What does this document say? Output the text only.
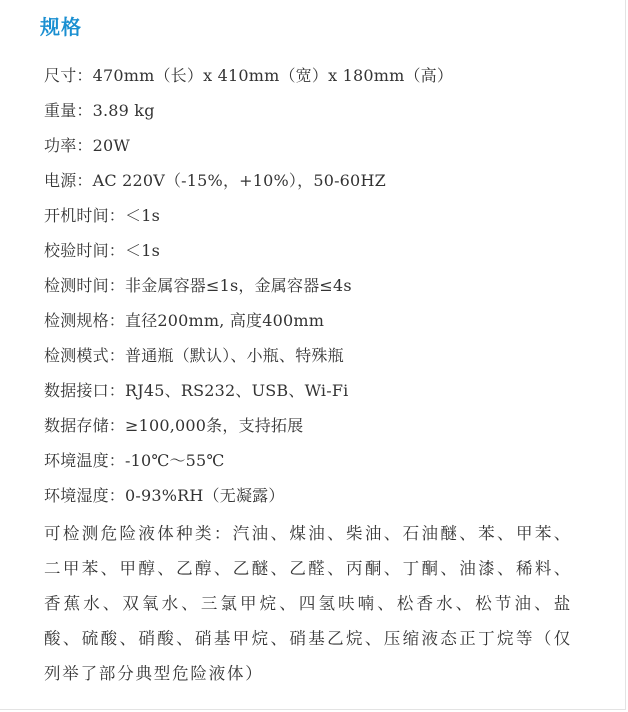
规格
尺寸：470mm（长）x 410mm（宽）x 180mm（高）
重量：3.89 kg
功率：20W
电源：AC 220V（-15%，+10%），50-60HZ
开机时间：＜1s
校验时间：＜1s
检测时间：非金属容器≤1s，金属容器≤4s
检测规格：直径200mm, 高度400mm
检测模式：普通瓶（默认）、小瓶、特殊瓶
数据接口：RJ45、RS232、USB、Wi-Fi
数据存储：≥100,000条，支持拓展
环境温度：-10℃～55℃
环境湿度：0-93%RH（无凝露）

可检测危险液体种类：汽油、煤油、柴油、石油醚、苯、甲苯、二甲苯、甲醇、乙醇、乙醚、乙醛、丙酮、丁酮、油漆、稀料、香蕉水、双氧水、三氯甲烷、四氢呋喃、松香水、松节油、盐酸、硫酸、硝酸、硝基甲烷、硝基乙烷、压缩液态正丁烷等（仅列举了部分典型危险液体）
